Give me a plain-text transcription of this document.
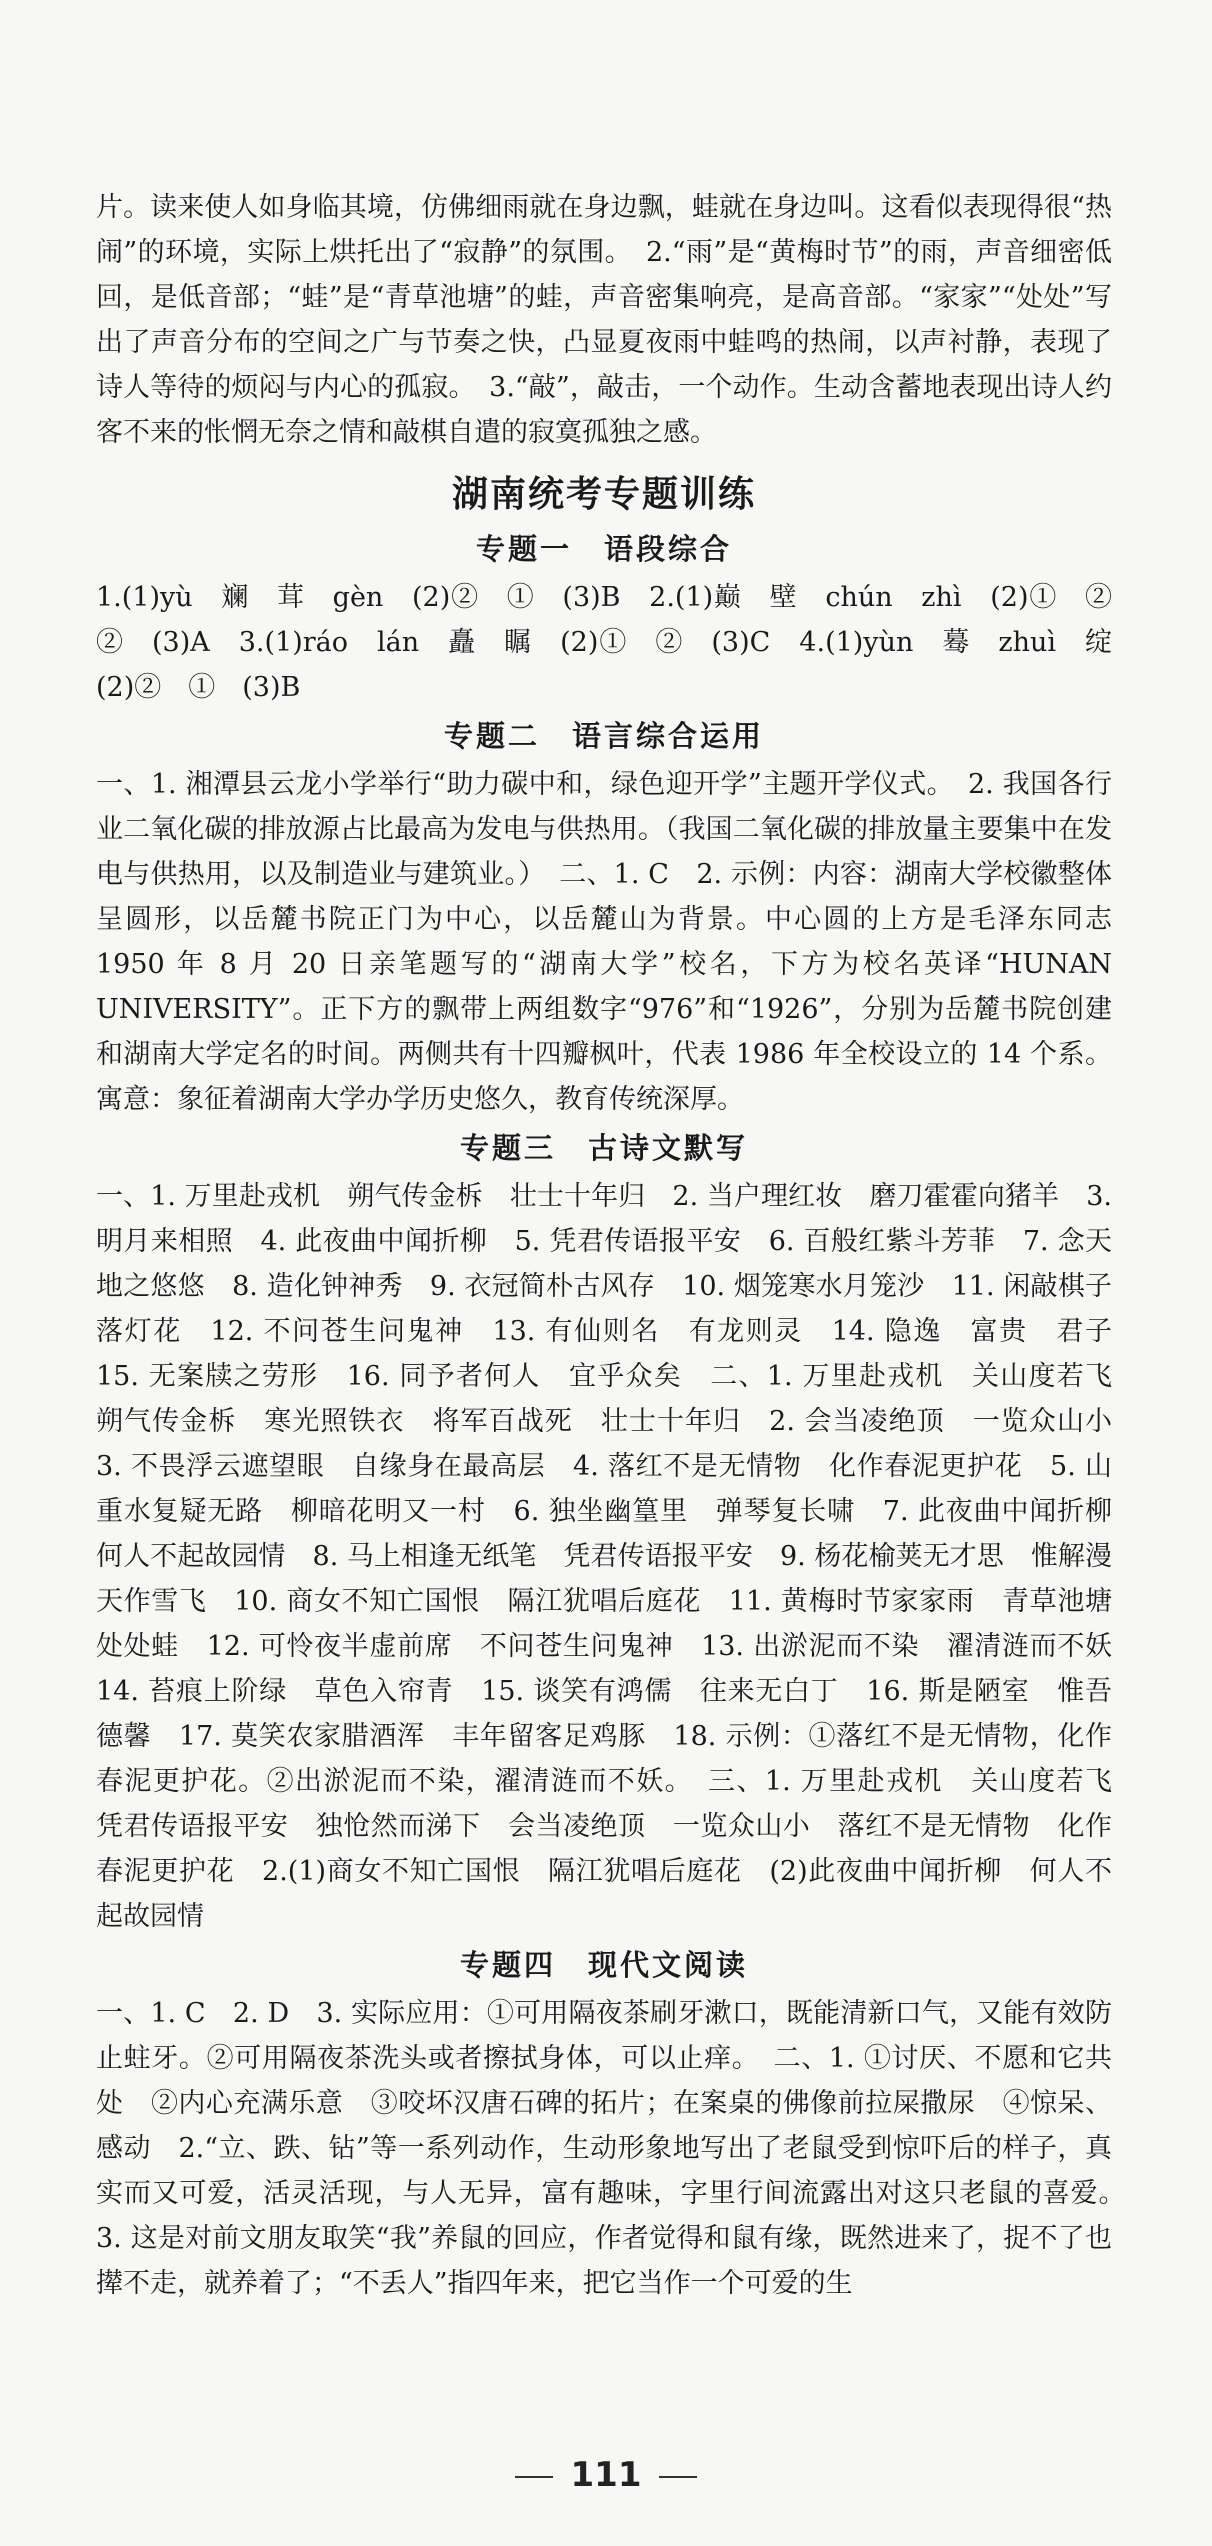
片。读来使人如身临其境，仿佛细雨就在身边飘，蛙就在身边叫。这看似表现得很“热闹”的环境，实际上烘托出了“寂静”的氛围。　2.“雨”是“黄梅时节”的雨，声音细密低回，是低音部；“蛙”是“青草池塘”的蛙，声音密集响亮，是高音部。“家家”“处处”写出了声音分布的空间之广与节奏之快，凸显夏夜雨中蛙鸣的热闹，以声衬静，表现了诗人等待的烦闷与内心的孤寂。　3.“敲”，敲击，一个动作。生动含蓄地表现出诗人约客不来的怅惘无奈之情和敲棋自遣的寂寞孤独之感。

湖南统考专题训练
专题一　语段综合

1.(1)yù　斓　茸　gèn　(2)②　①　(3)B　2.(1)巅　壁　chún　zhì　(2)①　②　②　(3)A　3.(1)ráo　lán　矗　瞩　(2)①　②　(3)C　4.(1)yùn　蓦　zhuì　绽　(2)②　①　(3)B

专题二　语言综合运用

一、1. 湘潭县云龙小学举行“助力碳中和，绿色迎开学”主题开学仪式。　2. 我国各行业二氧化碳的排放源占比最高为发电与供热用。（我国二氧化碳的排放量主要集中在发电与供热用，以及制造业与建筑业。）　二、1. C　2. 示例：内容：湖南大学校徽整体呈圆形，以岳麓书院正门为中心，以岳麓山为背景。中心圆的上方是毛泽东同志 1950 年 8 月 20 日亲笔题写的“湖南大学”校名，下方为校名英译“HUNAN UNIVERSITY”。正下方的飘带上两组数字“976”和“1926”，分别为岳麓书院创建和湖南大学定名的时间。两侧共有十四瓣枫叶，代表 1986 年全校设立的 14 个系。寓意：象征着湖南大学办学历史悠久，教育传统深厚。

专题三　古诗文默写

一、1. 万里赴戎机　朔气传金柝　壮士十年归　2. 当户理红妆　磨刀霍霍向猪羊　3. 明月来相照　4. 此夜曲中闻折柳　5. 凭君传语报平安　6. 百般红紫斗芳菲　7. 念天地之悠悠　8. 造化钟神秀　9. 衣冠简朴古风存　10. 烟笼寒水月笼沙　11. 闲敲棋子落灯花　12. 不问苍生问鬼神　13. 有仙则名　有龙则灵　14. 隐逸　富贵　君子　15. 无案牍之劳形　16. 同予者何人　宜乎众矣　二、1. 万里赴戎机　关山度若飞　朔气传金柝　寒光照铁衣　将军百战死　壮士十年归　2. 会当凌绝顶　一览众山小　3. 不畏浮云遮望眼　自缘身在最高层　4. 落红不是无情物　化作春泥更护花　5. 山重水复疑无路　柳暗花明又一村　6. 独坐幽篁里　弹琴复长啸　7. 此夜曲中闻折柳　何人不起故园情　8. 马上相逢无纸笔　凭君传语报平安　9. 杨花榆荚无才思　惟解漫天作雪飞　10. 商女不知亡国恨　隔江犹唱后庭花　11. 黄梅时节家家雨　青草池塘处处蛙　12. 可怜夜半虚前席　不问苍生问鬼神　13. 出淤泥而不染　濯清涟而不妖　14. 苔痕上阶绿　草色入帘青　15. 谈笑有鸿儒　往来无白丁　16. 斯是陋室　惟吾德馨　17. 莫笑农家腊酒浑　丰年留客足鸡豚　18. 示例：①落红不是无情物，化作春泥更护花。②出淤泥而不染，濯清涟而不妖。　三、1. 万里赴戎机　关山度若飞　凭君传语报平安　独怆然而涕下　会当凌绝顶　一览众山小　落红不是无情物　化作春泥更护花　2.(1)商女不知亡国恨　隔江犹唱后庭花　(2)此夜曲中闻折柳　何人不起故园情

专题四　现代文阅读

一、1. C　2. D　3. 实际应用：①可用隔夜茶刷牙漱口，既能清新口气，又能有效防止蛀牙。②可用隔夜茶洗头或者擦拭身体，可以止痒。　二、1. ①讨厌、不愿和它共处　②内心充满乐意　③咬坏汉唐石碑的拓片；在案桌的佛像前拉屎撒尿　④惊呆、感动　2.“立、跌、钻”等一系列动作，生动形象地写出了老鼠受到惊吓后的样子，真实而又可爱，活灵活现，与人无异，富有趣味，字里行间流露出对这只老鼠的喜爱。　3. 这是对前文朋友取笑“我”养鼠的回应，作者觉得和鼠有缘，既然进来了，捉不了也撵不走，就养着了；“不丢人”指四年来，把它当作一个可爱的生

111
